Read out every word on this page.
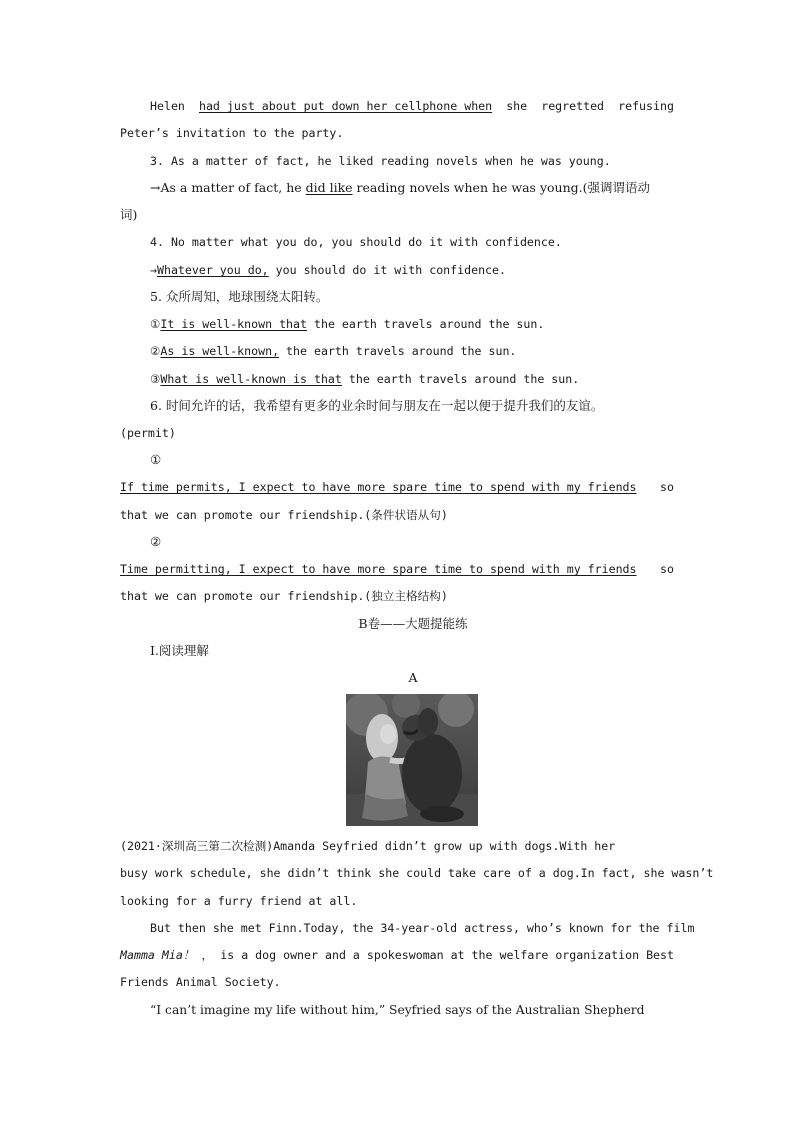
Helen had just about put down her cellphone when she regretted refusing
Peter’s invitation to the party.
3. As a matter of fact, he liked reading novels when he was young.
→As a matter of fact, he did like reading novels when he was young.(强调谓语动
词)
4. No matter what you do, you should do it with confidence.
→Whatever you do, you should do it with confidence.
5. 众所周知，地球围绕太阳转。
①It is well-known that the earth travels around the sun.
②As is well-known, the earth travels around the sun.
③What is well-known is that the earth travels around the sun.
6. 时间允许的话，我希望有更多的业余时间与朋友在一起以便于提升我们的友谊。
(permit)
①
If time permits, I expect to have more spare time to spend with my friends so
that we can promote our friendship.(条件状语从句)
②
Time permitting, I expect to have more spare time to spend with my friends so
that we can promote our friendship.(独立主格结构)
B卷——大题提能练
Ⅰ.阅读理解
A
(2021·深圳高三第二次检测)Amanda Seyfried didn’t grow up with dogs.With her
busy work schedule, she didn’t think she could take care of a dog.In fact, she wasn’t
looking for a furry friend at all.
But then she met Finn.Today, the 34-year-old actress, who’s known for the film
Mamma Mia！ ， is a dog owner and a spokeswoman at the welfare organization Best
Friends Animal Society.
“I can’t imagine my life without him,” Seyfried says of the Australian Shepherd
